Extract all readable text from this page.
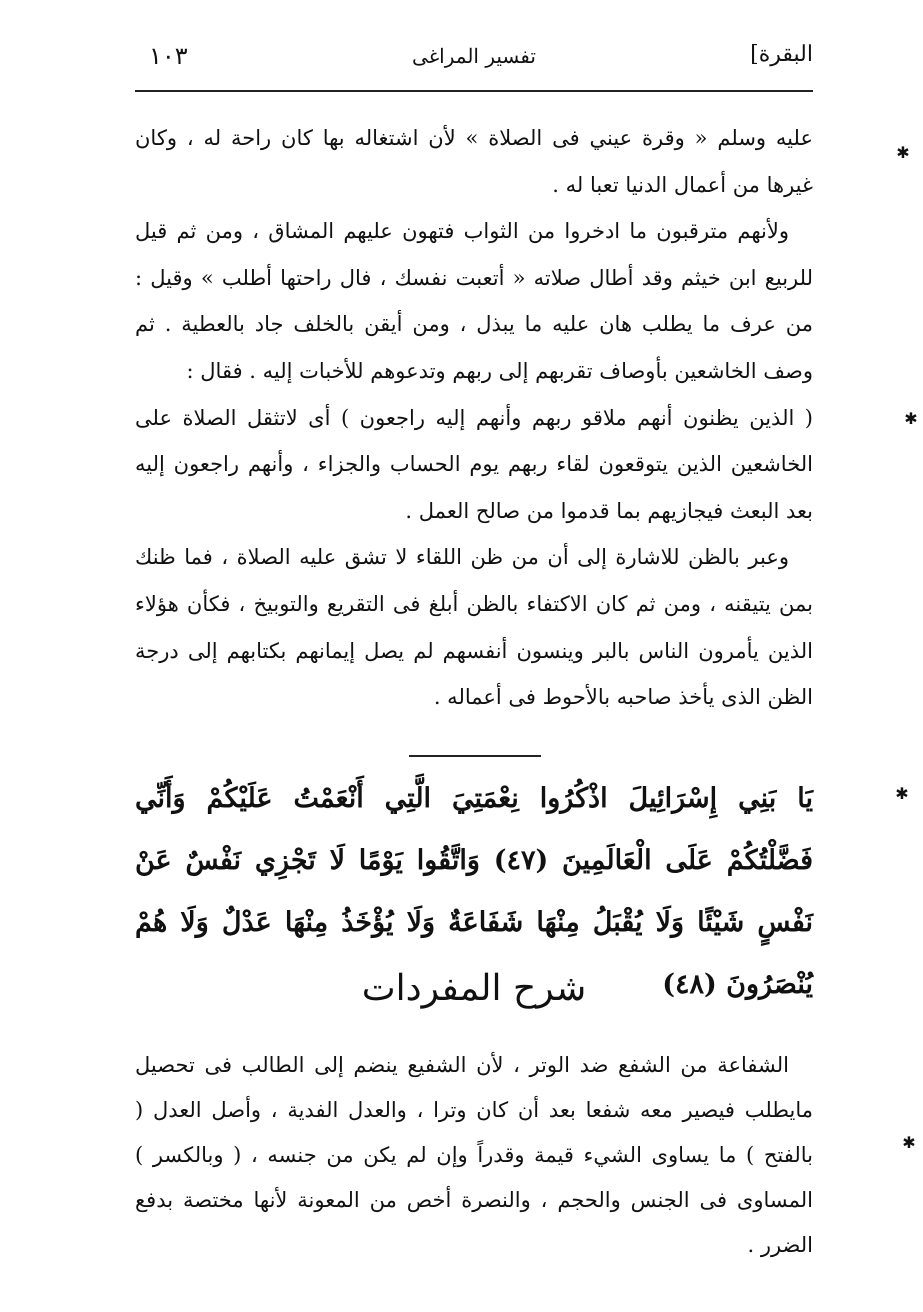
البقرة]
تفسير المراغى
١٠٣

عليه وسلم « وقرة عيني فى الصلاة » لأن اشتغاله بها كان راحة له ، وكان غيرها من أعمال الدنيا تعبا له .

ولأنهم مترقبون ما ادخروا من الثواب فتهون عليهم المشاق ، ومن ثم قيل للربيع ابن خيثم وقد أطال صلاته « أتعبت نفسك ، فال راحتها أطلب » وقيل : من عرف ما يطلب هان عليه ما يبذل ، ومن أيقن بالخلف جاد بالعطية . ثم وصف الخاشعين بأوصاف تقربهم إلى ربهم وتدعوهم للأخبات إليه . فقال :

( الذين يظنون أنهم ملاقو ربهم وأنهم إليه راجعون ) أى لاتثقل الصلاة على الخاشعين الذين يتوقعون لقاء ربهم يوم الحساب والجزاء ، وأنهم راجعون إليه بعد البعث فيجازيهم بما قدموا من صالح العمل .

وعبر بالظن للاشارة إلى أن من ظن اللقاء لا تشق عليه الصلاة ، فما ظنك بمن يتيقنه ، ومن ثم كان الاكتفاء بالظن أبلغ فى التقريع والتوبيخ ، فكأن هؤلاء الذين يأمرون الناس بالبر وينسون أنفسهم لم يصل إيمانهم بكتابهم إلى درجة الظن الذى يأخذ صاحبه بالأحوط فى أعماله .

يَا بَنِي إِسْرَائِيلَ اذْكُرُوا نِعْمَتِيَ الَّتِي أَنْعَمْتُ عَلَيْكُمْ وَأَنِّي فَضَّلْتُكُمْ عَلَى الْعَالَمِينَ (٤٧) وَاتَّقُوا يَوْمًا لَا تَجْزِي نَفْسٌ عَنْ نَفْسٍ شَيْئًا وَلَا يُقْبَلُ مِنْهَا شَفَاعَةٌ وَلَا يُؤْخَذُ مِنْهَا عَدْلٌ وَلَا هُمْ يُنْصَرُونَ (٤٨)

شرح المفردات

الشفاعة من الشفع ضد الوتر ، لأن الشفيع ينضم إلى الطالب فى تحصيل مايطلب فيصير معه شفعا بعد أن كان وترا ، والعدل الفدية ، وأصل العدل ( بالفتح ) ما يساوى الشيء قيمة وقدراً وإن لم يكن من جنسه ، ( وبالكسر ) المساوى فى الجنس والحجم ، والنصرة أخص من المعونة لأنها مختصة بدفع الضرر .

✱
✱
✱
✱
